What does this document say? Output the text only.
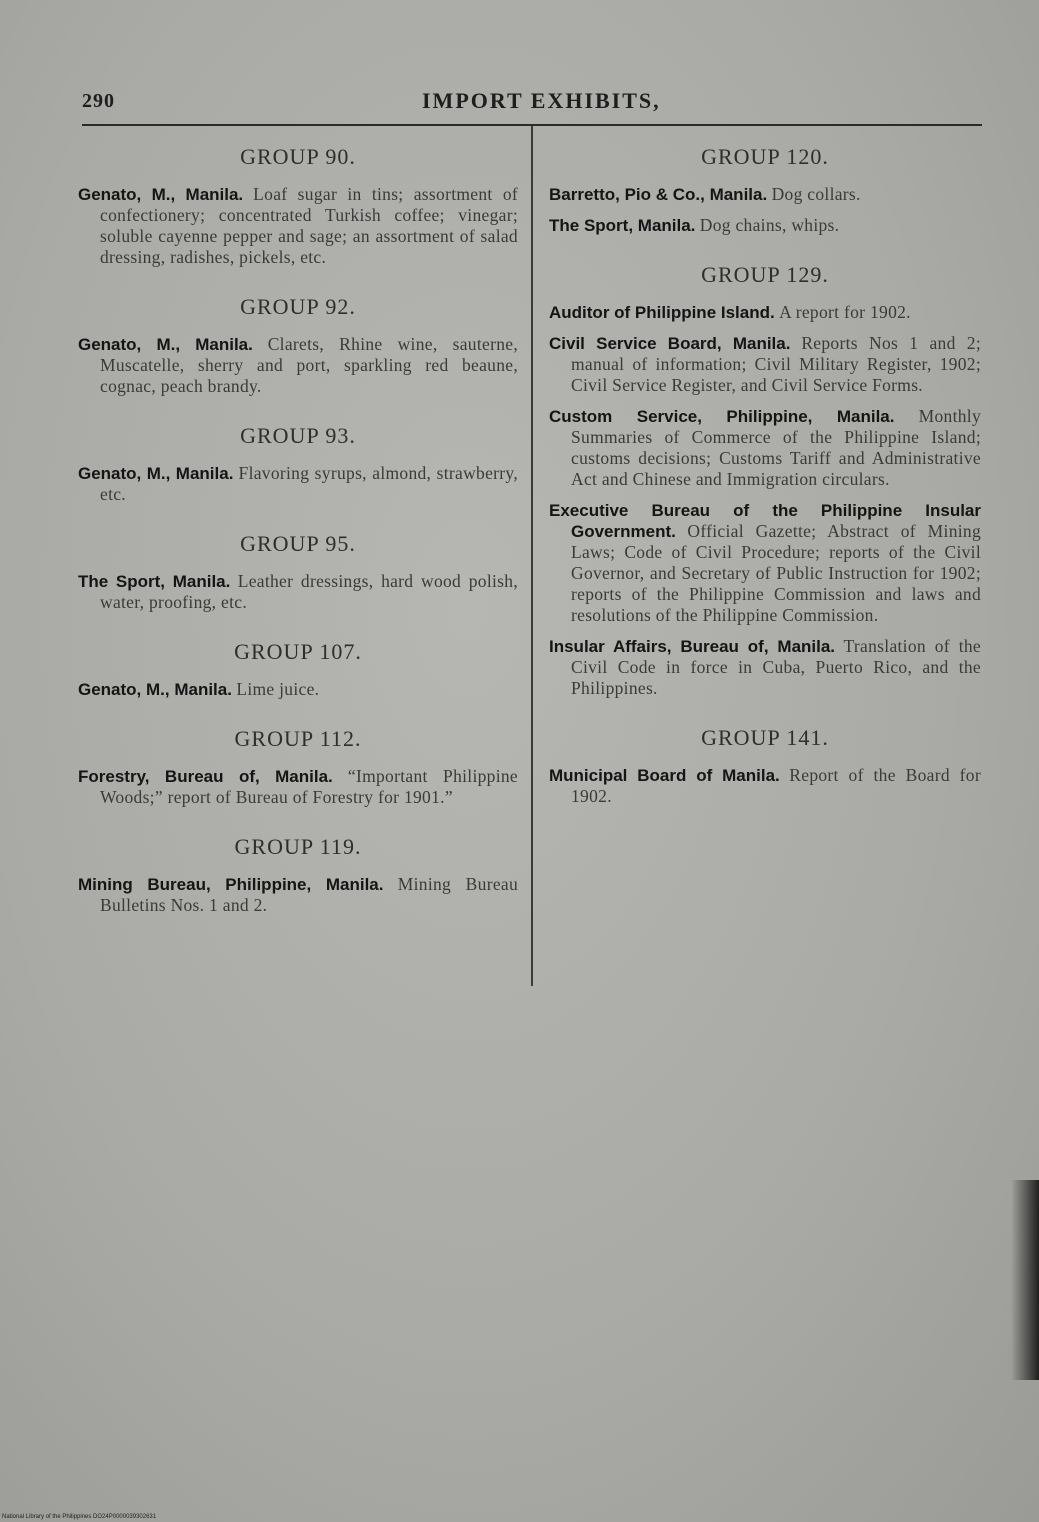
290	IMPORT EXHIBITS,
GROUP 90.

Genato, M., Manila. Loaf sugar in tins; assortment of confectionery; concentrated Turkish coffee; vinegar; soluble cayenne pepper and sage; an assortment of salad dressing, radishes, pickels, etc.

GROUP 92.

Genato, M., Manila. Clarets, Rhine wine, sauterne, Muscatelle, sherry and port, sparkling red beaune, cognac, peach brandy.

GROUP 93.

Genato, M., Manila. Flavoring syrups, almond, strawberry, etc.

GROUP 95.

The Sport, Manila. Leather dressings, hard wood polish, water, proofing, etc.

GROUP 107.

Genato, M., Manila. Lime juice.

GROUP 112.

Forestry, Bureau of, Manila. “Important Philippine Woods;” report of Bureau of Forestry for 1901.”

GROUP 119.

Mining Bureau, Philippine, Manila. Mining Bureau Bulletins Nos. 1 and 2.

GROUP 120.

Barretto, Pio & Co., Manila. Dog collars.

The Sport, Manila. Dog chains, whips.

GROUP 129.

Auditor of Philippine Island. A report for 1902.

Civil Service Board, Manila. Reports Nos 1 and 2; manual of information; Civil Military Register, 1902; Civil Service Register, and Civil Service Forms.

Custom Service, Philippine, Manila. Monthly Summaries of Commerce of the Philippine Island; customs decisions; Customs Tariff and Administrative Act and Chinese and Immigration circulars.

Executive Bureau of the Philippine Insular Government. Official Gazette; Abstract of Mining Laws; Code of Civil Procedure; reports of the Civil Governor, and Secretary of Public Instruction for 1902; reports of the Philippine Commission and laws and resolutions of the Philippine Commission.

Insular Affairs, Bureau of, Manila. Translation of the Civil Code in force in Cuba, Puerto Rico, and the Philippines.

GROUP 141.

Municipal Board of Manila. Report of the Board for 1902.

National Library of the Philippines DO24P0000039302631
